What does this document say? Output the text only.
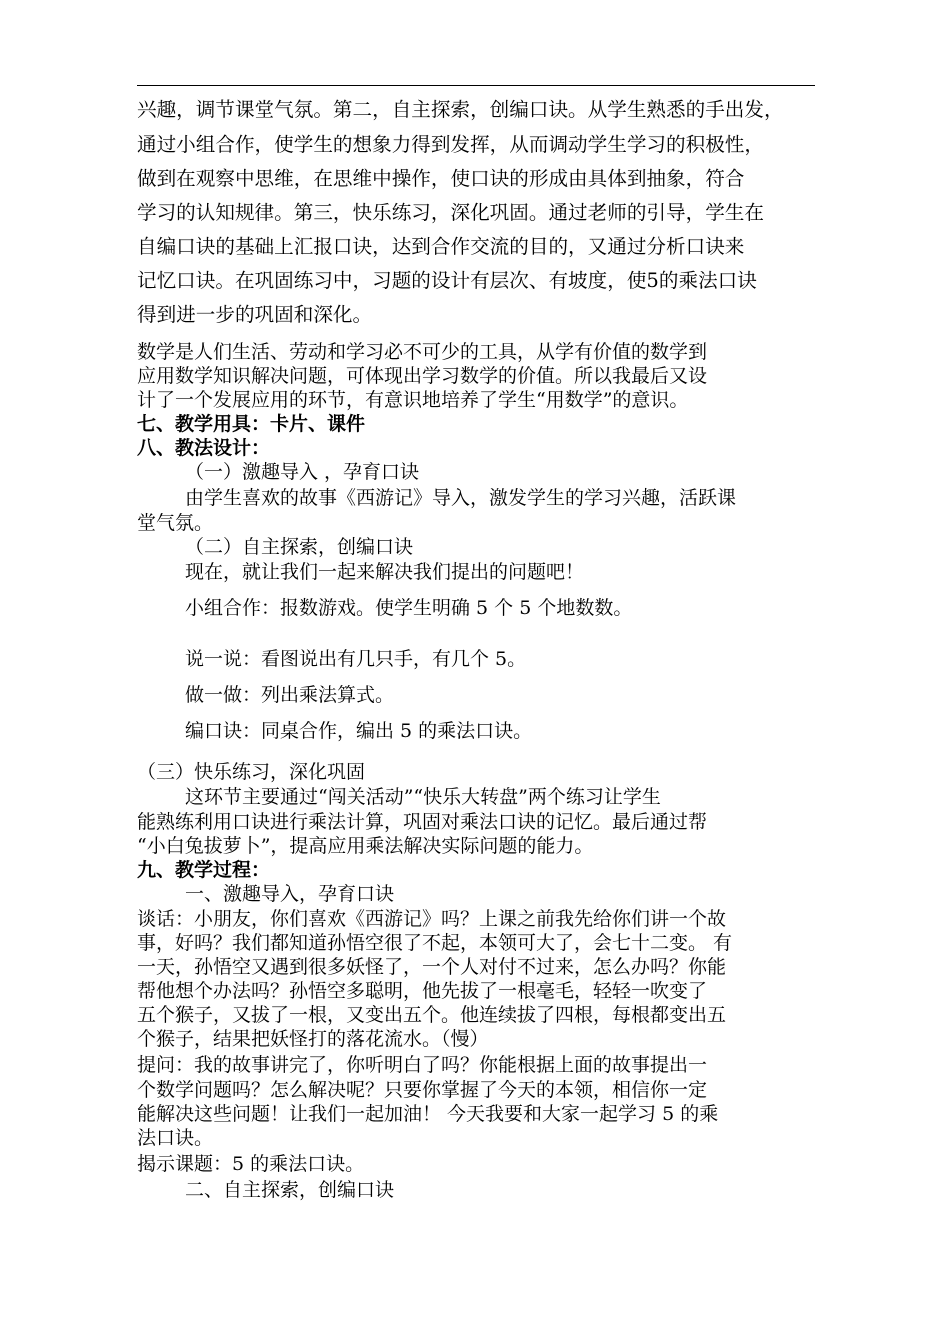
兴趣，调节课堂气氛。第二，自主探索，创编口诀。从学生熟悉的手出发，
通过小组合作，使学生的想象力得到发挥，从而调动学生学习的积极性，
做到在观察中思维，在思维中操作，使口诀的形成由具体到抽象，符合
学习的认知规律。第三，快乐练习，深化巩固。通过老师的引导，学生在
自编口诀的基础上汇报口诀，达到合作交流的目的，又通过分析口诀来
记忆口诀。在巩固练习中，习题的设计有层次、有坡度，使5的乘法口诀
得到进一步的巩固和深化。
数学是人们生活、劳动和学习必不可少的工具，从学有价值的数学到
应用数学知识解决问题，可体现出学习数学的价值。所以我最后又设
计了一个发展应用的环节，有意识地培养了学生“用数学”的意识。
七、教学用具：卡片、课件
八、教法设计：
（一）激趣导入 ，孕育口诀
由学生喜欢的故事《西游记》导入，激发学生的学习兴趣，活跃课
堂气氛。
（二）自主探索，创编口诀
现在，就让我们一起来解决我们提出的问题吧！
小组合作：报数游戏。使学生明确 5 个 5 个地数数。
说一说：看图说出有几只手，有几个 5。
做一做：列出乘法算式。
编口诀：同桌合作，编出 5 的乘法口诀。
（三）快乐练习，深化巩固
这环节主要通过“闯关活动”“快乐大转盘”两个练习让学生
能熟练利用口诀进行乘法计算，巩固对乘法口诀的记忆。最后通过帮
“小白兔拔萝卜”，提高应用乘法解决实际问题的能力。
九、教学过程：
一、激趣导入，孕育口诀
谈话：小朋友，你们喜欢《西游记》吗？上课之前我先给你们讲一个故
事，好吗？我们都知道孙悟空很了不起，本领可大了，会七十二变。 有
一天，孙悟空又遇到很多妖怪了，一个人对付不过来，怎么办吗？你能
帮他想个办法吗？孙悟空多聪明，他先拔了一根毫毛，轻轻一吹变了
五个猴子，又拔了一根，又变出五个。他连续拔了四根，每根都变出五
个猴子，结果把妖怪打的落花流水。（慢）
提问：我的故事讲完了，你听明白了吗？你能根据上面的故事提出一
个数学问题吗？怎么解决呢？只要你掌握了今天的本领，相信你一定
能解决这些问题！让我们一起加油！ 今天我要和大家一起学习 5 的乘
法口诀。
揭示课题：5 的乘法口诀。
二、自主探索，创编口诀
